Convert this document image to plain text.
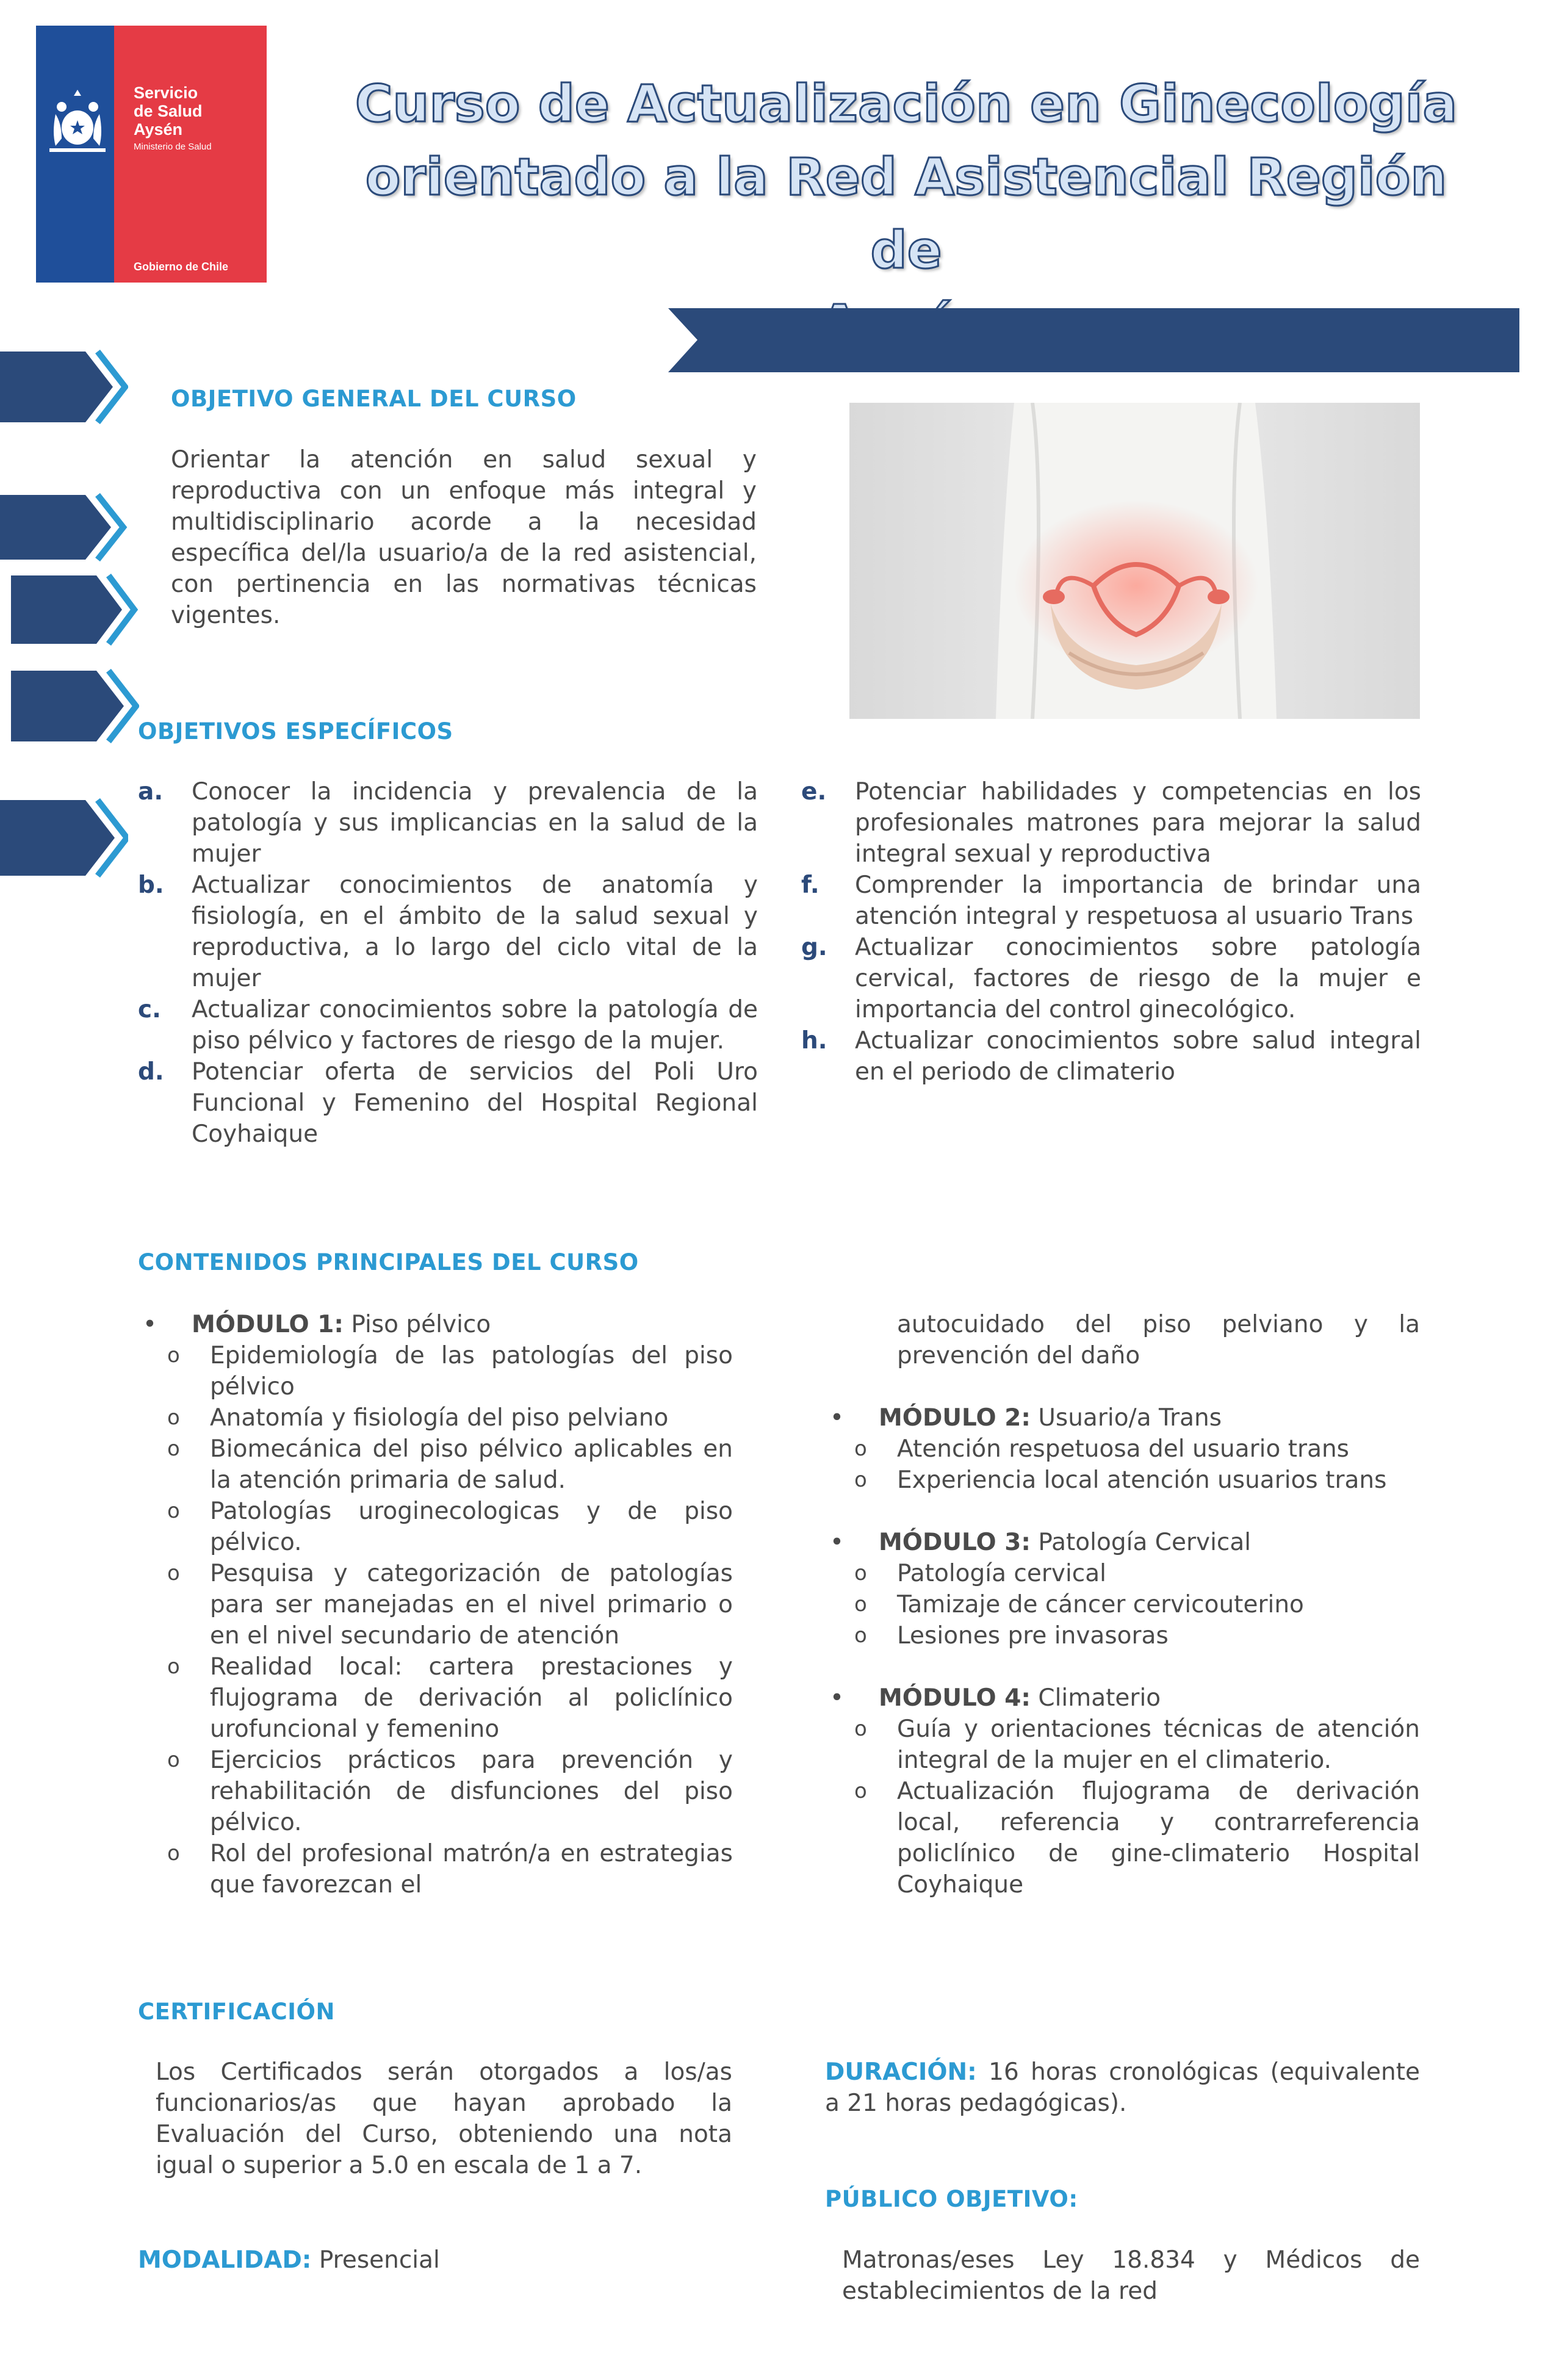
Servicio
de Salud
Aysén
Ministerio de Salud
Gobierno de Chile
Curso de Actualización en Ginecología
orientado a la Red Asistencial Región de
OBJETIVO GENERAL DEL CURSO
Orientar la atención en salud sexual y reproductiva con un enfoque más integral y multidisciplinario acorde a la necesidad específica del/la usuario/a de la red asistencial, con pertinencia en las normativas técnicas vigentes.
OBJETIVOS ESPECÍFICOS
a. Conocer la incidencia y prevalencia de la patología y sus implicancias en la salud de la mujer
b. Actualizar conocimientos de anatomía y fisiología, en el ámbito de la salud sexual y reproductiva, a lo largo del ciclo vital de la mujer
c. Actualizar conocimientos sobre la patología de piso pélvico y factores de riesgo de la mujer.
d. Potenciar oferta de servicios del Poli Uro Funcional y Femenino del Hospital Regional Coyhaique
e. Potenciar habilidades y competencias en los profesionales matrones para mejorar la salud integral sexual y reproductiva
f. Comprender la importancia de brindar una atención integral y respetuosa al usuario Trans
g. Actualizar conocimientos sobre patología cervical, factores de riesgo de la mujer e importancia del control ginecológico.
h. Actualizar conocimientos sobre salud integral en el periodo de climaterio
CONTENIDOS PRINCIPALES DEL CURSO
• MÓDULO 1: Piso pélvico
o Epidemiología de las patologías del piso pélvico
o Anatomía y fisiología del piso pelviano
o Biomecánica del piso pélvico aplicables en la atención primaria de salud.
o Patologías uroginecologicas y de piso pélvico.
o Pesquisa y categorización de patologías para ser manejadas en el nivel primario o en el nivel secundario de atención
o Realidad local: cartera prestaciones y flujograma de derivación al policlínico urofuncional y femenino
o Ejercicios prácticos para prevención y rehabilitación de disfunciones del piso pélvico.
o Rol del profesional matrón/a en estrategias que favorezcan el
autocuidado del piso pelviano y la prevención del daño
• MÓDULO 2: Usuario/a Trans
o Atención respetuosa del usuario trans
o Experiencia local atención usuarios trans
• MÓDULO 3: Patología Cervical
o Patología cervical
o Tamizaje de cáncer cervicouterino
o Lesiones pre invasoras
• MÓDULO 4: Climaterio
o Guía y orientaciones técnicas de atención integral de la mujer en el climaterio.
o Actualización flujograma de derivación local, referencia y contrarreferencia policlínico de gine-climaterio Hospital Coyhaique
CERTIFICACIÓN
Los Certificados serán otorgados a los/as funcionarios/as que hayan aprobado la Evaluación del Curso, obteniendo una nota igual o superior a 5.0 en escala de 1 a 7.
DURACIÓN: 16 horas cronológicas (equivalente a 21 horas pedagógicas).
PÚBLICO OBJETIVO:
Matronas/eses Ley 18.834 y Médicos de establecimientos de la red
MODALIDAD: Presencial
